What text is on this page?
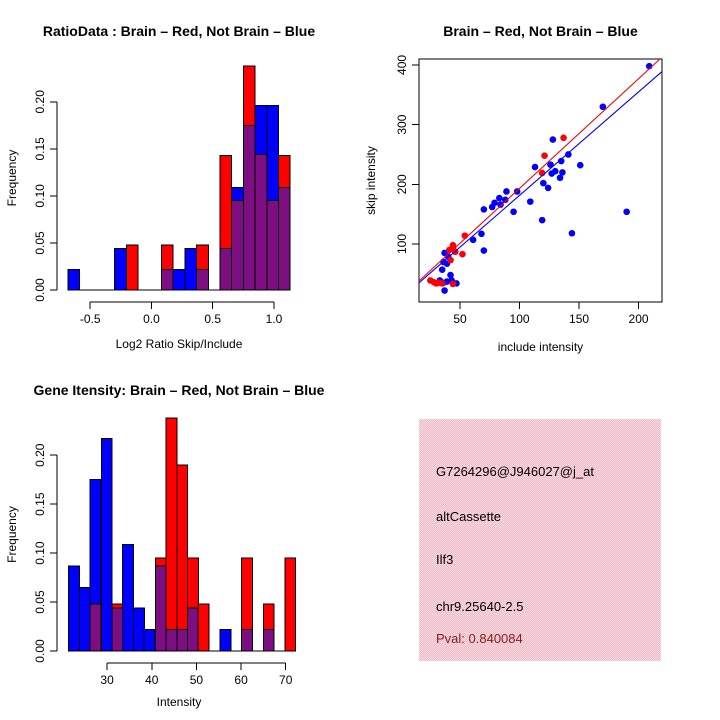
RatioData : Brain – Red, Not Brain – Blue
Log2 Ratio Skip/Include
Frequency
-0.5	0.0	0.5	1.0
0.00
0.05
0.10
0.15
0.20
Brain – Red, Not Brain – Blue
include intensity
skip intensity
50	100	150	200
100
200
300
400
Gene Itensity: Brain – Red, Not Brain – Blue
Intensity
Frequency
30	40	50	60	70
0.00
0.05
0.10
0.15
0.20
G7264296@J946027@j_at
altCassette
Ilf3
chr9.25640-2.5
Pval: 0.840084
